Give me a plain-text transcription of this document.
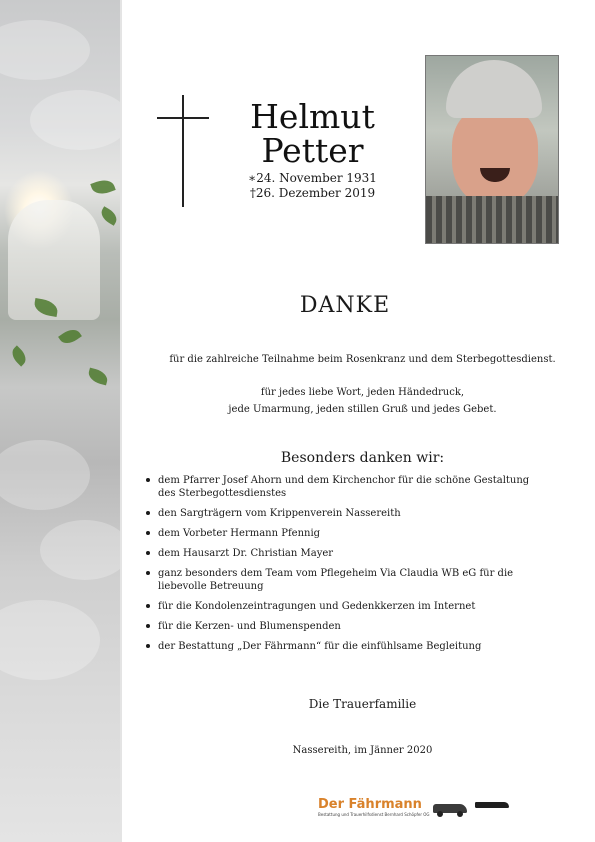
Helmut
Petter
∗24. November 1931
†26. Dezember 2019
DANKE
für die zahlreiche Teilnahme beim Rosenkranz und dem Sterbegottesdienst.
für jedes liebe Wort, jeden Händedruck,
jede Umarmung, jeden stillen Gruß und jedes Gebet.
Besonders danken wir:
dem Pfarrer Josef Ahorn und dem Kirchenchor für die schöne Gestaltung des Sterbegottesdienstes
den Sargträgern vom Krippenverein Nassereith
dem Vorbeter Hermann Pfennig
dem Hausarzt Dr. Christian Mayer
ganz besonders dem Team vom Pflegeheim Via Claudia WB eG für die liebevolle Betreuung
für die Kondolenzeintragungen und Gedenkkerzen im Internet
für die Kerzen- und Blumenspenden
der Bestattung „Der Fährmann“ für die einfühlsame Begleitung
Die Trauerfamilie
Nassereith, im Jänner 2020
Der Fährmann
Bestattung und Trauerhilfsdienst Bernhard Schöpfer OG
